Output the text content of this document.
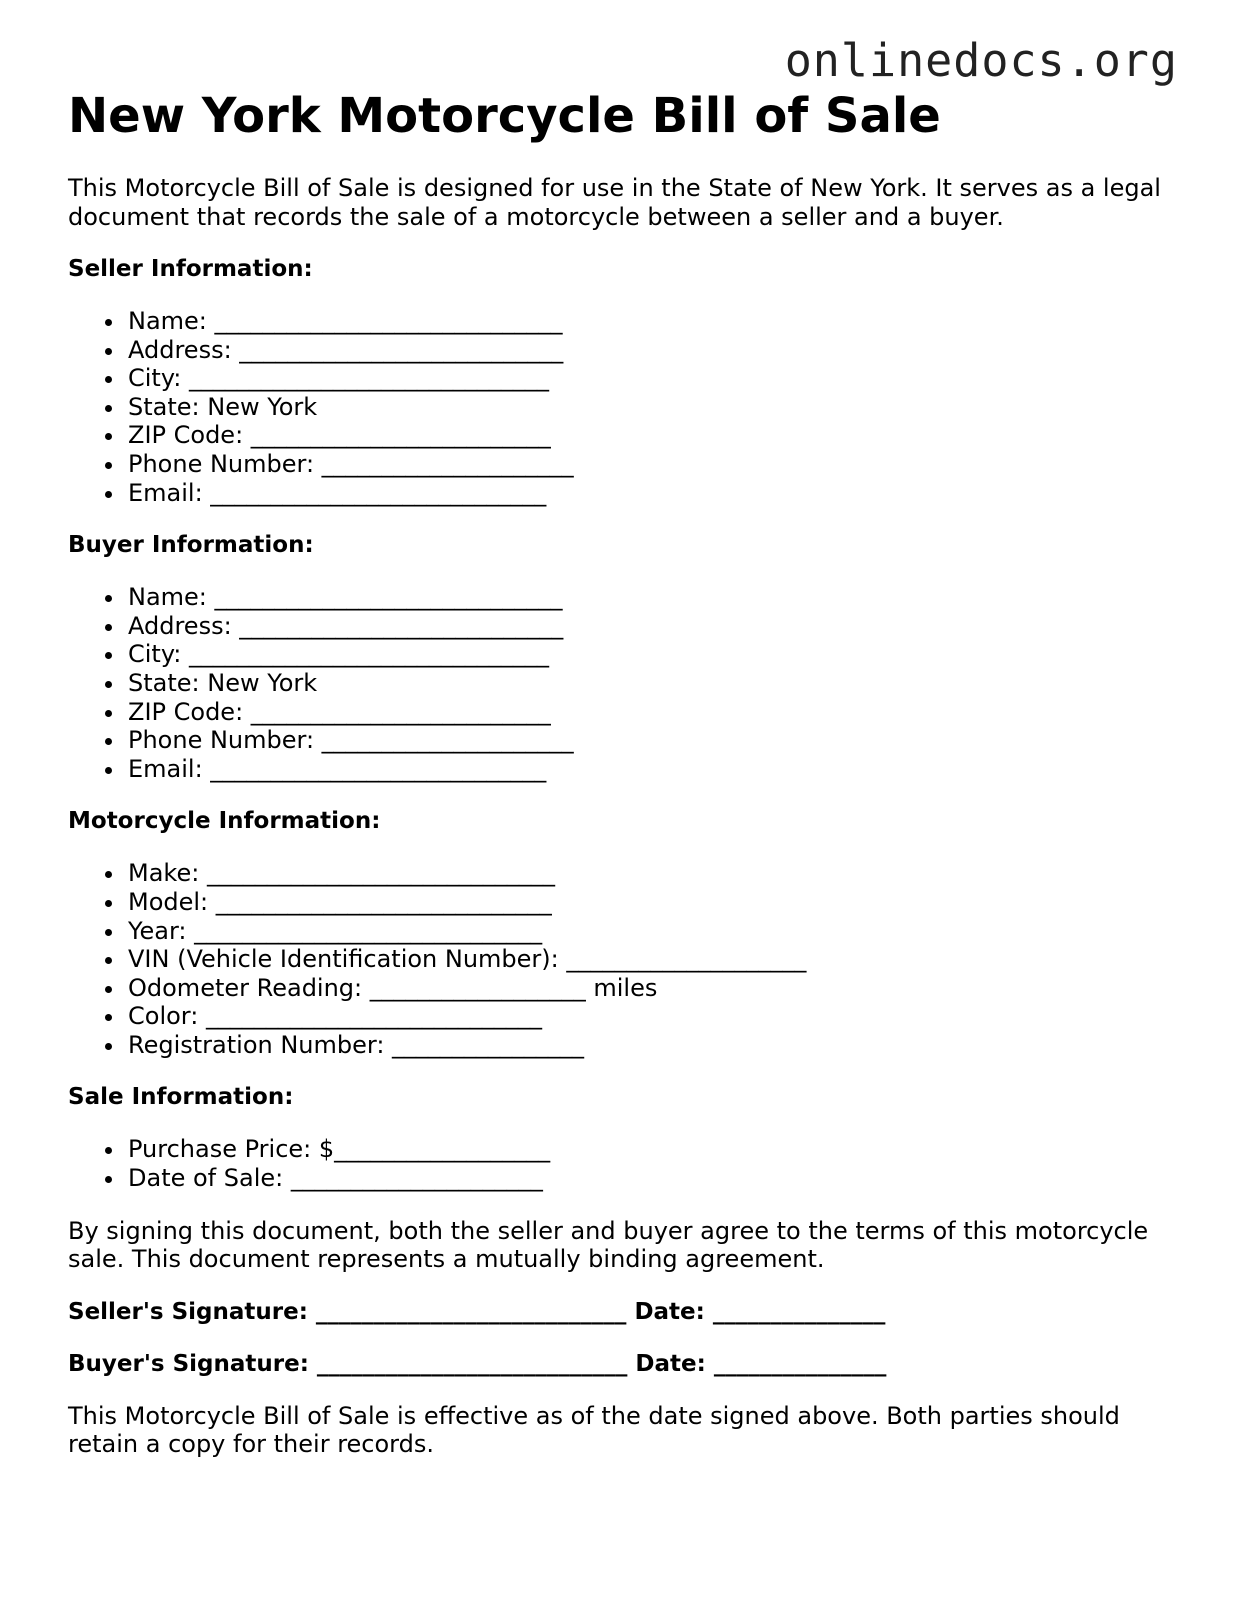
onlinedocs.org
New York Motorcycle Bill of Sale

This Motorcycle Bill of Sale is designed for use in the State of New York. It serves as a legal document that records the sale of a motorcycle between a seller and a buyer.

Seller Information:
Name: _____________________________
Address: ___________________________
City: ______________________________
State: New York
ZIP Code: _________________________
Phone Number: _____________________
Email: ____________________________
Buyer Information:
Name: _____________________________
Address: ___________________________
City: ______________________________
State: New York
ZIP Code: _________________________
Phone Number: _____________________
Email: ____________________________
Motorcycle Information:
Make: _____________________________
Model: ____________________________
Year: _____________________________
VIN (Vehicle Identification Number): ____________________
Odometer Reading: __________________ miles
Color: ____________________________
Registration Number: ________________
Sale Information:
Purchase Price: $__________________
Date of Sale: _____________________

By signing this document, both the seller and buyer agree to the terms of this motorcycle sale. This document represents a mutually binding agreement.

Seller's Signature: ___________________________ Date: _______________
Buyer's Signature: ___________________________ Date: _______________

This Motorcycle Bill of Sale is effective as of the date signed above. Both parties should retain a copy for their records.
